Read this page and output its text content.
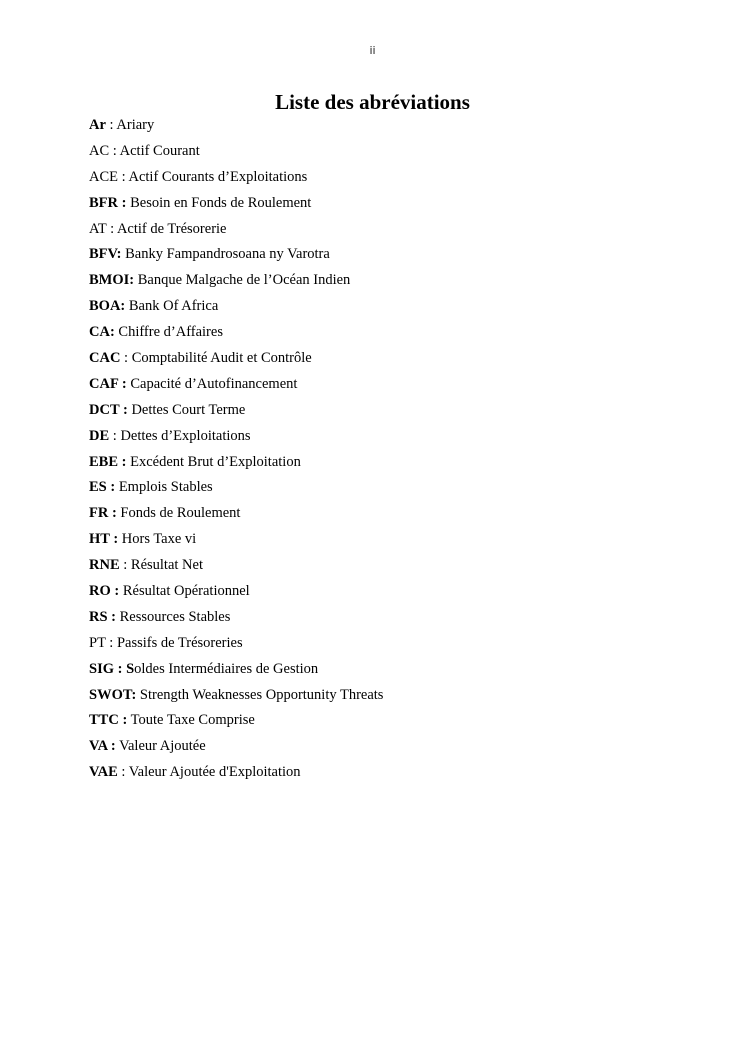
ii
Liste des abréviations
Ar : Ariary
AC : Actif Courant
ACE : Actif Courants d’Exploitations
BFR : Besoin en Fonds de Roulement
AT : Actif de Trésorerie
BFV: Banky Fampandrosoana ny Varotra
BMOI: Banque Malgache de l’Océan Indien
BOA: Bank Of Africa
CA: Chiffre d’Affaires
CAC : Comptabilité Audit et Contrôle
CAF : Capacité d’Autofinancement
DCT : Dettes Court Terme
DE : Dettes d’Exploitations
EBE : Excédent Brut d’Exploitation
ES : Emplois Stables
FR : Fonds de Roulement
HT : Hors Taxe vi
RNE : Résultat Net
RO : Résultat Opérationnel
RS : Ressources Stables
PT : Passifs de Trésoreries
SIG : Soldes Intermédiaires de Gestion
SWOT: Strength Weaknesses Opportunity Threats
TTC : Toute Taxe Comprise
VA : Valeur Ajoutée
VAE : Valeur Ajoutée d'Exploitation
